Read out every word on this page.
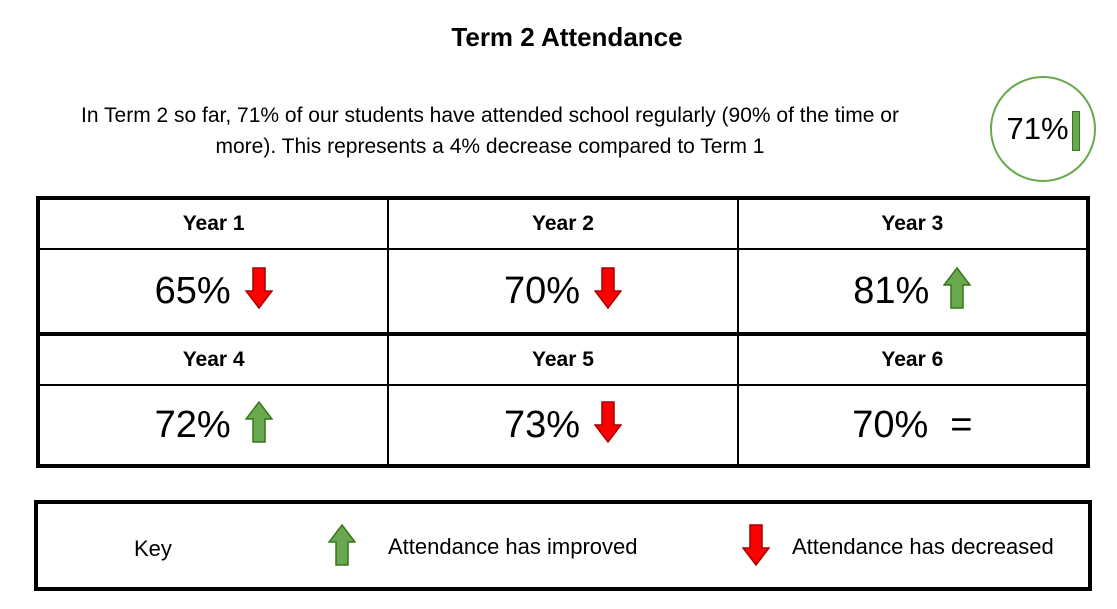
Term 2 Attendance
In Term 2 so far, 71% of our students have attended school regularly (90% of the time or
more). This represents a 4% decrease compared to Term 1
71%
Year 1	Year 2	Year 3
65%	70%	81%
Year 4	Year 5	Year 6
72%	73%	70% =
Key	Attendance has improved	Attendance has decreased
